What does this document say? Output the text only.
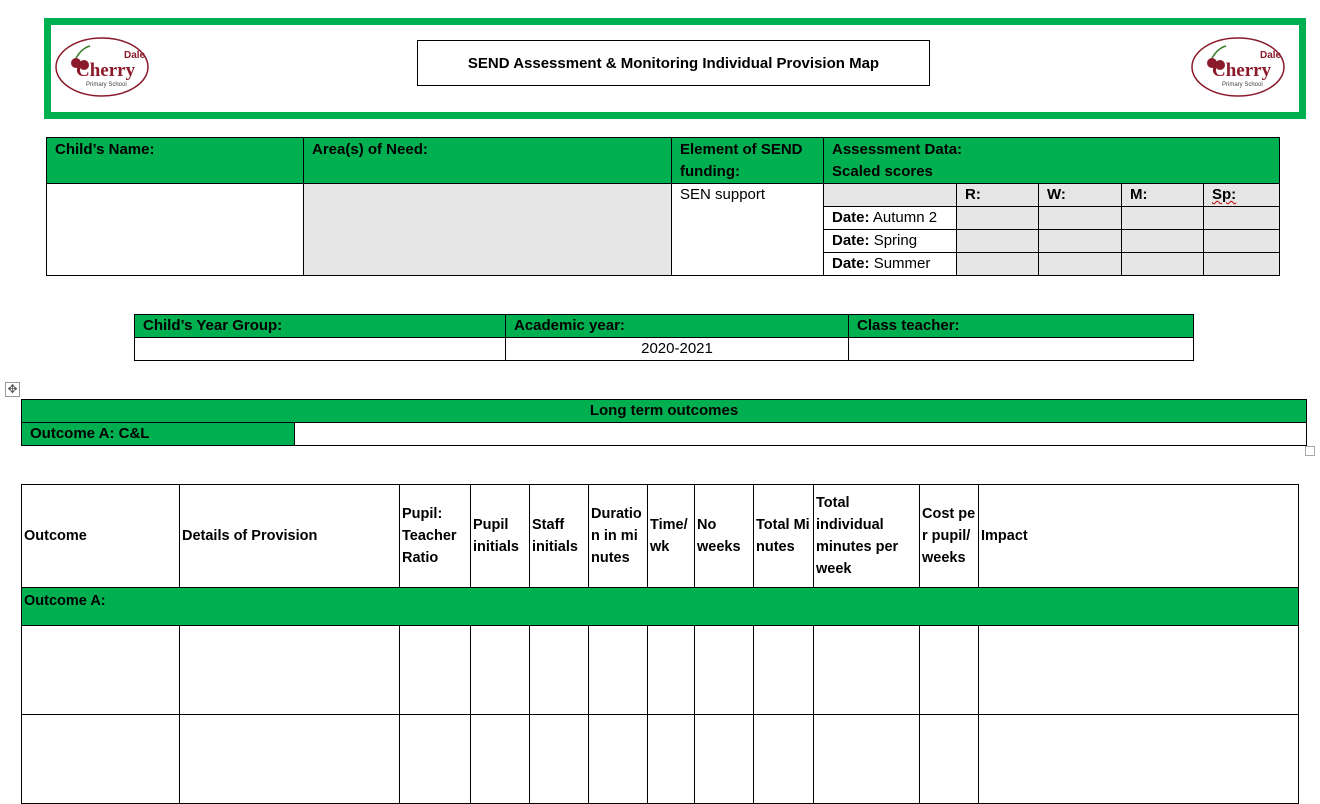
Dale
Cherry
Primary School
SEND Assessment & Monitoring Individual Provision Map	Dale
Cherry
Primary School
Child’s Name:	Area(s) of Need:	Element of SEND funding:	Assessment Data:
Scaled scores				

		SEN support		R:	W:	M:	Sp:
			Date: Autumn 2				
			Date: Spring				
			Date: Summer				
Child’s Year Group:	Academic year:	Class teacher:
	2020-2021	
✥
Long term outcomes
Outcome A: C&L	
Outcome	Details of Provision	Pupil: Teacher Ratio	Pupil initials	Staff initials	Duration in minutes	Time/wk	No weeks	Total Minutes	Total individual minutes per week	Cost per pupil/weeks	Impact
Outcome A:											
